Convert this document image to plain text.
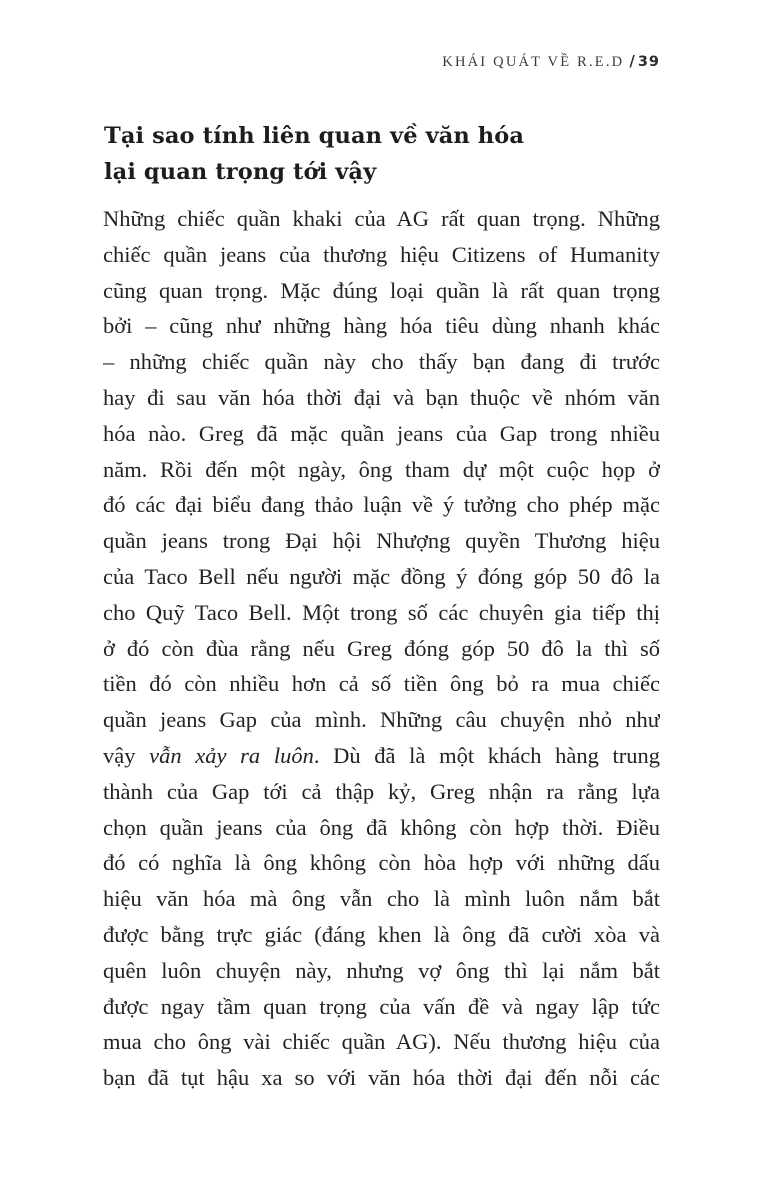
KHÁI QUÁT VỀ R.E.D / 39
Tại sao tính liên quan về văn hóa
lại quan trọng tới vậy
Những chiếc quần khaki của AG rất quan trọng. Những
chiếc quần jeans của thương hiệu Citizens of Humanity
cũng quan trọng. Mặc đúng loại quần là rất quan trọng
bởi – cũng như những hàng hóa tiêu dùng nhanh khác
– những chiếc quần này cho thấy bạn đang đi trước
hay đi sau văn hóa thời đại và bạn thuộc về nhóm văn
hóa nào. Greg đã mặc quần jeans của Gap trong nhiều
năm. Rồi đến một ngày, ông tham dự một cuộc họp ở
đó các đại biểu đang thảo luận về ý tưởng cho phép mặc
quần jeans trong Đại hội Nhượng quyền Thương hiệu
của Taco Bell nếu người mặc đồng ý đóng góp 50 đô la
cho Quỹ Taco Bell. Một trong số các chuyên gia tiếp thị
ở đó còn đùa rằng nếu Greg đóng góp 50 đô la thì số
tiền đó còn nhiều hơn cả số tiền ông bỏ ra mua chiếc
quần jeans Gap của mình. Những câu chuyện nhỏ như
vậy vẫn xảy ra luôn. Dù đã là một khách hàng trung
thành của Gap tới cả thập kỷ, Greg nhận ra rằng lựa
chọn quần jeans của ông đã không còn hợp thời. Điều
đó có nghĩa là ông không còn hòa hợp với những dấu
hiệu văn hóa mà ông vẫn cho là mình luôn nắm bắt
được bằng trực giác (đáng khen là ông đã cười xòa và
quên luôn chuyện này, nhưng vợ ông thì lại nắm bắt
được ngay tầm quan trọng của vấn đề và ngay lập tức
mua cho ông vài chiếc quần AG). Nếu thương hiệu của
bạn đã tụt hậu xa so với văn hóa thời đại đến nỗi các
